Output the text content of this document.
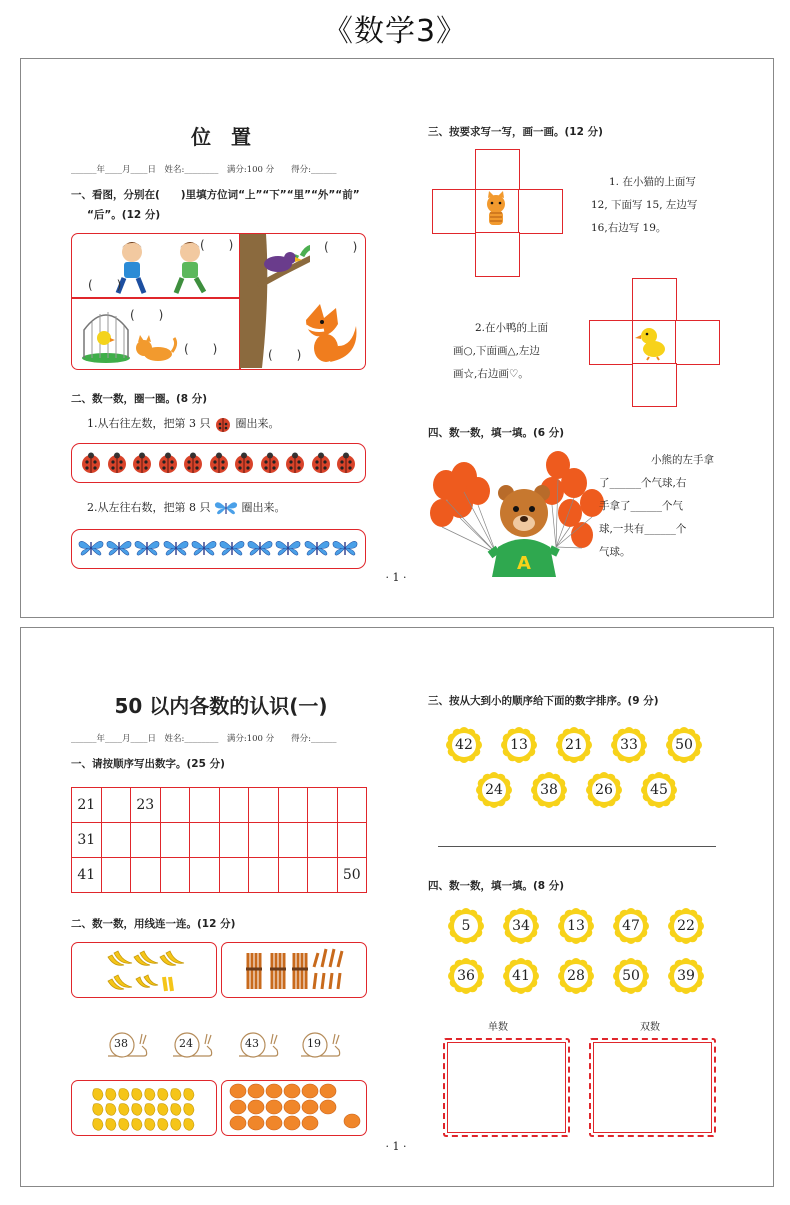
《数学3》
位　置
______年____月____日　姓名:________　满分:100 分　　得分:______
一、看图，分别在(　　)里填方位词“上”“下”“里”“外”“前”
“后”。(12 分)
(　　)
(　　)
(　　)
(　　)
(　　)
(　　)
二、数一数，圈一圈。(8 分)
1.从右往左数，把第 3 只 圈出来。
2.从左往右数，把第 8 只	圈出来。
三、按要求写一写，画一画。(12 分)
1. 在小猫的上面写
12, 下面写 15, 左边写
16,右边写 19。
2.在小鸭的上面
画○,下面画△,左边
画☆,右边画♡。
四、数一数，填一填。(6 分)
A
小熊的左手拿
了______个气球,右
手拿了______个气
球,一共有______个
气球。
· 1 ·
50 以内各数的认识(一)
______年____月____日　姓名:________　满分:100 分　　得分:______
一、请按顺序写出数字。(25 分)
21		23							
31									
41									50
二、数一数，用线连一连。(12 分)
38	24	43	19
三、按从大到小的顺序给下面的数字排序。(9 分)
42	13	21	33	50
24	38	26	45
四、数一数，填一填。(8 分)
5	34	13	47	22
36	41	28	50	39
单数	双数
· 1 ·
